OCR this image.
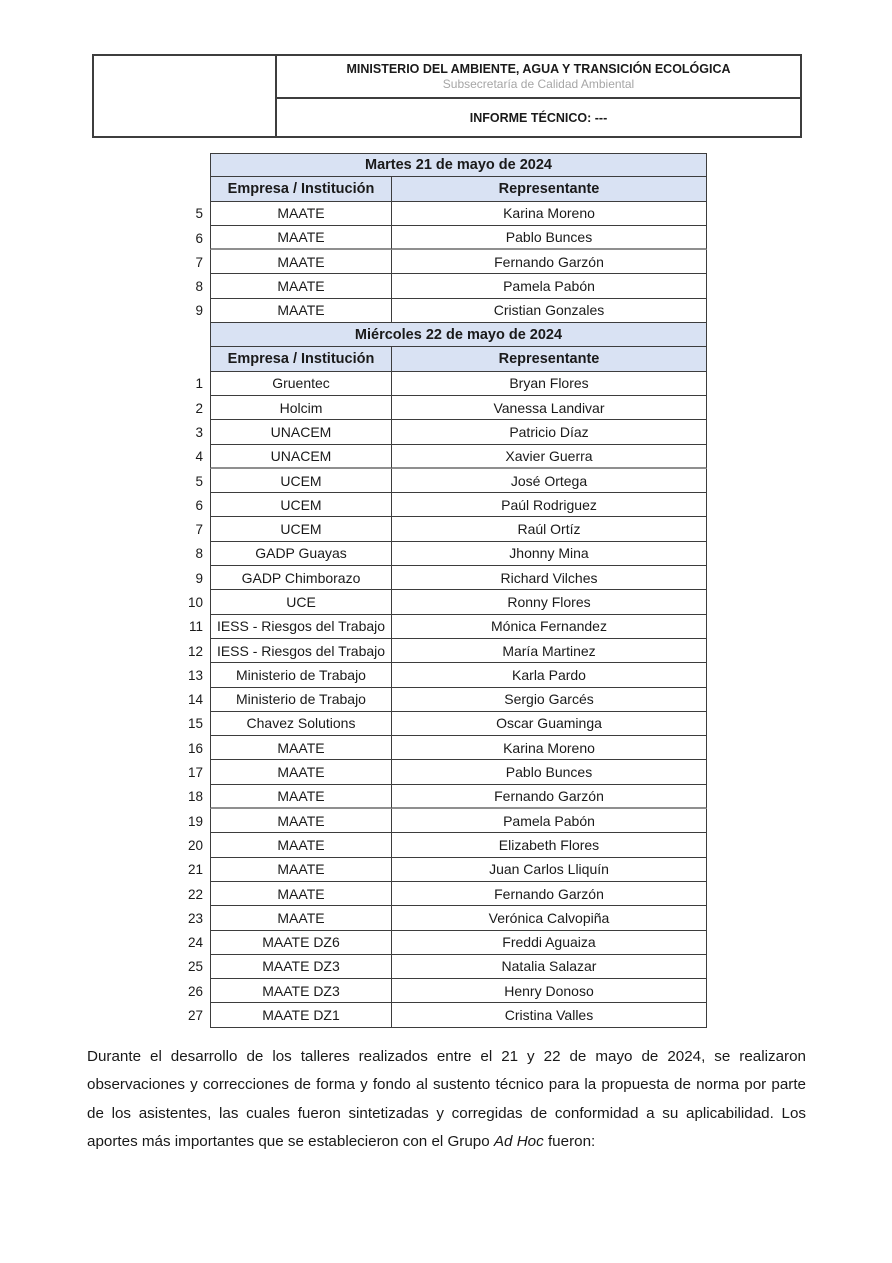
MINISTERIO DEL AMBIENTE, AGUA Y TRANSICIÓN ECOLÓGICA
Subsecretaría de Calidad Ambiental
INFORME TÉCNICO: ---
Martes 21 de mayo de 2024
Empresa / Institución	Representante
5	MAATE	Karina Moreno
6	MAATE	Pablo Bunces
7	MAATE	Fernando Garzón
8	MAATE	Pamela Pabón
9	MAATE	Cristian Gonzales
Miércoles 22 de mayo de 2024
Empresa / Institución	Representante
1	Gruentec	Bryan Flores
2	Holcim	Vanessa Landivar
3	UNACEM	Patricio Díaz
4	UNACEM	Xavier Guerra
5	UCEM	José Ortega
6	UCEM	Paúl Rodriguez
7	UCEM	Raúl Ortíz
8	GADP Guayas	Jhonny Mina
9	GADP Chimborazo	Richard Vilches
10	UCE	Ronny Flores
11 IESS - Riesgos del Trabajo	Mónica Fernandez
12 IESS - Riesgos del Trabajo	María Martinez
13	Ministerio de Trabajo	Karla Pardo
14	Ministerio de Trabajo	Sergio Garcés
15	Chavez Solutions	Oscar Guaminga
16	MAATE	Karina Moreno
17	MAATE	Pablo Bunces
18	MAATE	Fernando Garzón
19	MAATE	Pamela Pabón
20	MAATE	Elizabeth Flores
21	MAATE	Juan Carlos Lliquín
22	MAATE	Fernando Garzón
23	MAATE	Verónica Calvopiña
24	MAATE DZ6	Freddi Aguaiza
25	MAATE DZ3	Natalia Salazar
26	MAATE DZ3	Henry Donoso
27	MAATE DZ1	Cristina Valles

Durante el desarrollo de los talleres realizados entre el 21 y 22 de mayo de 2024, se realizaron observaciones y correcciones de forma y fondo al sustento técnico para la propuesta de norma por parte de los asistentes, las cuales fueron sintetizadas y corregidas de conformidad a su aplicabilidad. Los aportes más importantes que se establecieron con el Grupo Ad Hoc fueron:
